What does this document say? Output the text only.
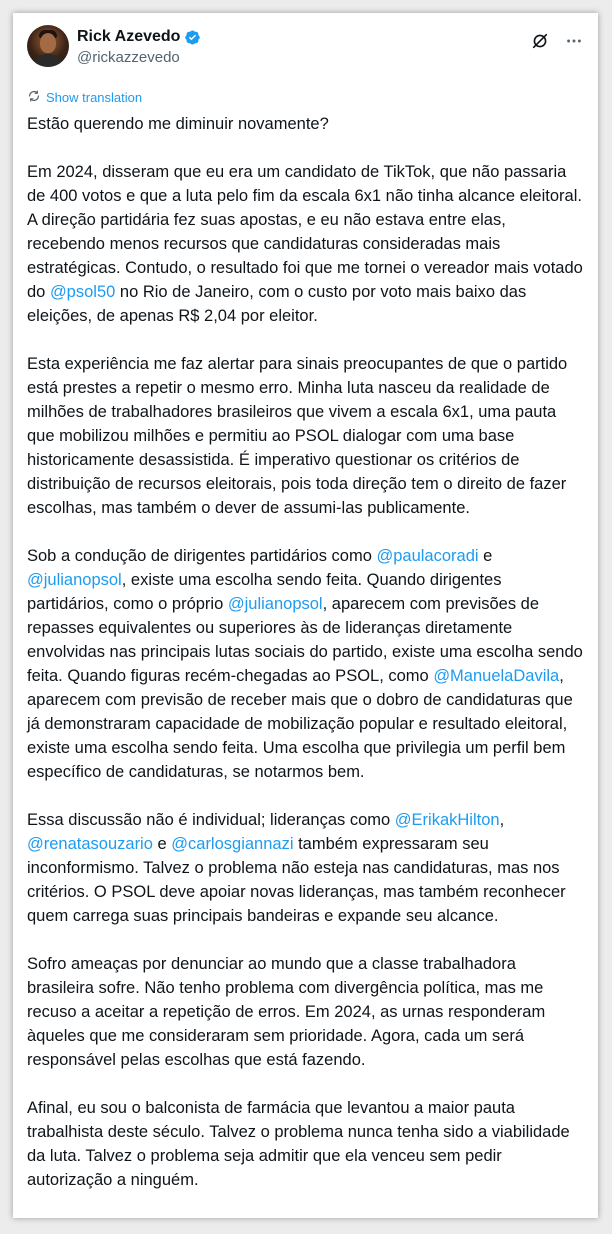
Rick Azevedo
@rickazzevedo
Show translation

Estão querendo me diminuir novamente?

Em 2024, disseram que eu era um candidato de TikTok, que não passaria de 400 votos e que a luta pelo fim da escala 6x1 não tinha alcance eleitoral. A direção partidária fez suas apostas, e eu não estava entre elas, recebendo menos recursos que candidaturas consideradas mais estratégicas. Contudo, o resultado foi que me tornei o vereador mais votado do @psol50 no Rio de Janeiro, com o custo por voto mais baixo das eleições, de apenas R$ 2,04 por eleitor.

Esta experiência me faz alertar para sinais preocupantes de que o partido está prestes a repetir o mesmo erro. Minha luta nasceu da realidade de milhões de trabalhadores brasileiros que vivem a escala 6x1, uma pauta que mobilizou milhões e permitiu ao PSOL dialogar com uma base historicamente desassistida. É imperativo questionar os critérios de distribuição de recursos eleitorais, pois toda direção tem o direito de fazer escolhas, mas também o dever de assumi-las publicamente.

Sob a condução de dirigentes partidários como @paulacoradi e @julianopsol, existe uma escolha sendo feita. Quando dirigentes partidários, como o próprio @julianopsol, aparecem com previsões de repasses equivalentes ou superiores às de lideranças diretamente envolvidas nas principais lutas sociais do partido, existe uma escolha sendo feita. Quando figuras recém-chegadas ao PSOL, como @ManuelaDavila, aparecem com previsão de receber mais que o dobro de candidaturas que já demonstraram capacidade de mobilização popular e resultado eleitoral, existe uma escolha sendo feita. Uma escolha que privilegia um perfil bem específico de candidaturas, se notarmos bem.

Essa discussão não é individual; lideranças como @ErikakHilton, @renatasouzario e @carlosgiannazi também expressaram seu inconformismo. Talvez o problema não esteja nas candidaturas, mas nos critérios. O PSOL deve apoiar novas lideranças, mas também reconhecer quem carrega suas principais bandeiras e expande seu alcance.

Sofro ameaças por denunciar ao mundo que a classe trabalhadora brasileira sofre. Não tenho problema com divergência política, mas me recuso a aceitar a repetição de erros. Em 2024, as urnas responderam àqueles que me consideraram sem prioridade. Agora, cada um será responsável pelas escolhas que está fazendo.

Afinal, eu sou o balconista de farmácia que levantou a maior pauta trabalhista deste século. Talvez o problema nunca tenha sido a viabilidade da luta. Talvez o problema seja admitir que ela venceu sem pedir autorização a ninguém.
